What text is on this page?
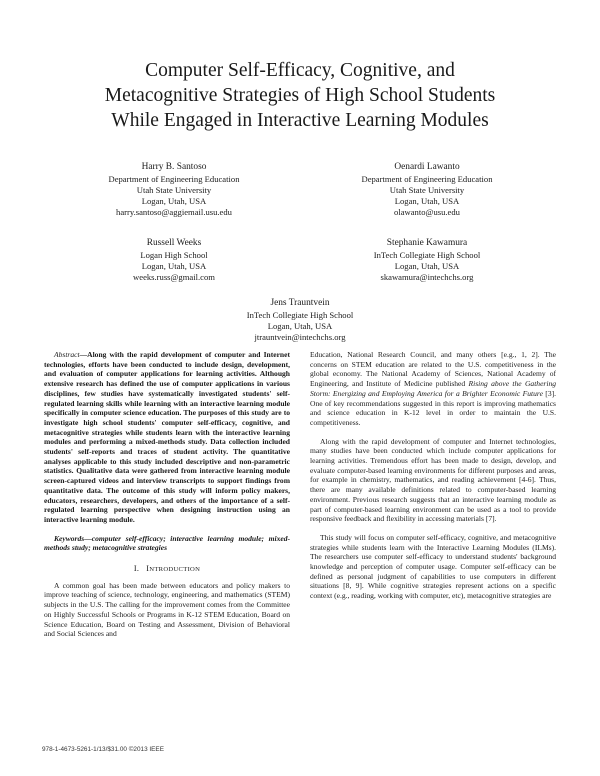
Computer Self-Efficacy, Cognitive, and
Metacognitive Strategies of High School Students
While Engaged in Interactive Learning Modules
Harry B. Santoso
Department of Engineering Education
Utah State University
Logan, Utah, USA
harry.santoso@aggiemail.usu.edu
Oenardi Lawanto
Department of Engineering Education
Utah State University
Logan, Utah, USA
olawanto@usu.edu
Russell Weeks
Logan High School
Logan, Utah, USA
weeks.russ@gmail.com
Stephanie Kawamura
InTech Collegiate High School
Logan, Utah, USA
skawamura@intechchs.org
Jens Trauntvein
InTech Collegiate High School
Logan, Utah, USA
jtrauntvein@intechchs.org

Abstract—Along with the rapid development of computer and Internet technologies, efforts have been conducted to include design, development, and evaluation of computer applications for learning activities. Although extensive research has defined the use of computer applications in various disciplines, few studies have systematically investigated students' self-regulated learning skills while learning with an interactive learning module specifically in computer science education. The purposes of this study are to investigate high school students' computer self-efficacy, cognitive, and metacognitive strategies while students learn with the interactive learning modules and performing a mixed-methods study. Data collection included students' self-reports and traces of student activity. The quantitative analyses applicable to this study included descriptive and non-parametric statistics. Qualitative data were gathered from interactive learning module screen-captured videos and interview transcripts to support findings from quantitative data. The outcome of this study will inform policy makers, educators, researchers, developers, and others of the importance of a self-regulated learning perspective when designing instruction using an interactive learning module.

Keywords—computer self-efficacy; interactive learning module; mixed-methods study; metacognitive strategies

I. INTRODUCTION

A common goal has been made between educators and policy makers to improve teaching of science, technology, engineering, and mathematics (STEM) subjects in the U.S. The calling for the improvement comes from the Committee on Highly Successful Schools or Programs in K-12 STEM Education, Board on Science Education, Board on Testing and Assessment, Division of Behavioral and Social Sciences and

Education, National Research Council, and many others [e.g., 1, 2]. The concerns on STEM education are related to the U.S. competitiveness in the global economy. The National Academy of Sciences, National Academy of Engineering, and Institute of Medicine published Rising above the Gathering Storm: Energizing and Employing America for a Brighter Economic Future [3]. One of key recommendations suggested in this report is improving mathematics and science education in K-12 level in order to maintain the U.S. competitiveness.

Along with the rapid development of computer and Internet technologies, many studies have been conducted which include computer applications for learning activities. Tremendous effort has been made to design, develop, and evaluate computer-based learning environments for different purposes and areas, for example in chemistry, mathematics, and reading achievement [4-6]. Thus, there are many available definitions related to computer-based learning environment. Previous research suggests that an interactive learning module as part of computer-based learning environment can be used as a tool to provide responsive feedback and flexibility in accessing materials [7].

This study will focus on computer self-efficacy, cognitive, and metacognitive strategies while students learn with the Interactive Learning Modules (ILMs). The researchers use computer self-efficacy to understand students' background knowledge and perception of computer usage. Computer self-efficacy can be defined as personal judgment of capabilities to use computers in different situations [8, 9]. While cognitive strategies represent actions on a specific context (e.g., reading, working with computer, etc), metacognitive strategies are

978-1-4673-5261-1/13/$31.00 ©2013 IEEE
